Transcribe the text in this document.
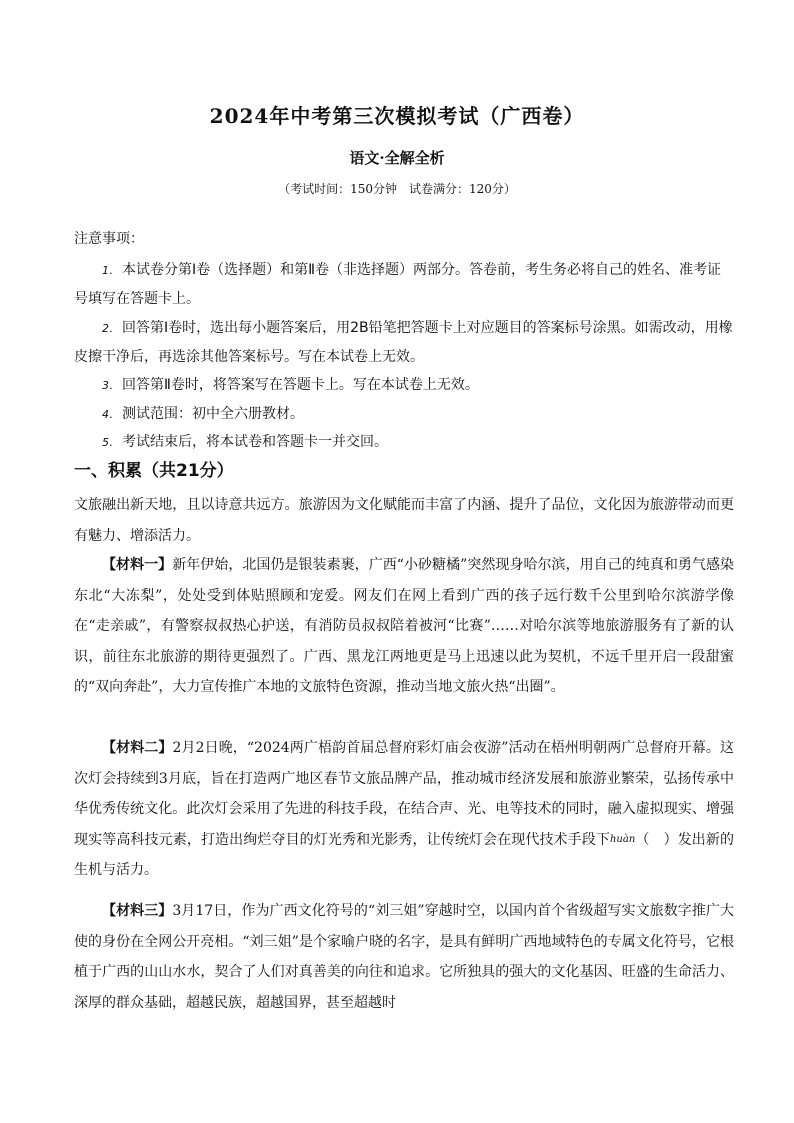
2024年中考第三次模拟考试（广西卷）
语文·全解全析
（考试时间：150分钟　试卷满分：120分）
注意事项：
1． 本试卷分第Ⅰ卷（选择题）和第Ⅱ卷（非选择题）两部分。答卷前，考生务必将自己的姓名、准考证号填写在答题卡上。
2． 回答第Ⅰ卷时，选出每小题答案后，用2B铅笔把答题卡上对应题目的答案标号涂黑。如需改动，用橡皮擦干净后，再选涂其他答案标号。写在本试卷上无效。
3． 回答第Ⅱ卷时，将答案写在答题卡上。写在本试卷上无效。
4． 测试范围：初中全六册教材。
5． 考试结束后，将本试卷和答题卡一并交回。
一、积累（共21分）
文旅融出新天地，且以诗意共远方。旅游因为文化赋能而丰富了内涵、提升了品位，文化因为旅游带动而更有魅力、增添活力。
【材料一】新年伊始，北国仍是银装素裹，广西“小砂糖橘”突然现身哈尔滨，用自己的纯真和勇气感染东北“大冻梨”，处处受到体贴照顾和宠爱。网友们在网上看到广西的孩子远行数千公里到哈尔滨游学像在“走亲戚”，有警察叔叔热心护送，有消防员叔叔陪着被河“比赛”……对哈尔滨等地旅游服务有了新的认识，前往东北旅游的期待更强烈了。广西、黑龙江两地更是马上迅速以此为契机，不远千里开启一段甜蜜的“双向奔赴”，大力宣传推广本地的文旅特色资源，推动当地文旅火热“出圈”。
【材料二】2月2日晚，“2024两广梧韵首届总督府彩灯庙会夜游”活动在梧州明朝两广总督府开幕。这次灯会持续到3月底，旨在打造两广地区春节文旅品牌产品，推动城市经济发展和旅游业繁荣，弘扬传承中华优秀传统文化。此次灯会采用了先进的科技手段，在结合声、光、电等技术的同时，融入虚拟现实、增强现实等高科技元素，打造出绚烂夺目的灯光秀和光影秀，让传统灯会在现代技术手段下huàn（　）发出新的生机与活力。
【材料三】3月17日，作为广西文化符号的“刘三姐”穿越时空，以国内首个省级超写实文旅数字推广大使的身份在全网公开亮相。“刘三姐”是个家喻户晓的名字，是具有鲜明广西地域特色的专属文化符号，它根植于广西的山山水水，契合了人们对真善美的向往和追求。它所独具的强大的文化基因、旺盛的生命活力、深厚的群众基础，超越民族，超越国界，甚至超越时
